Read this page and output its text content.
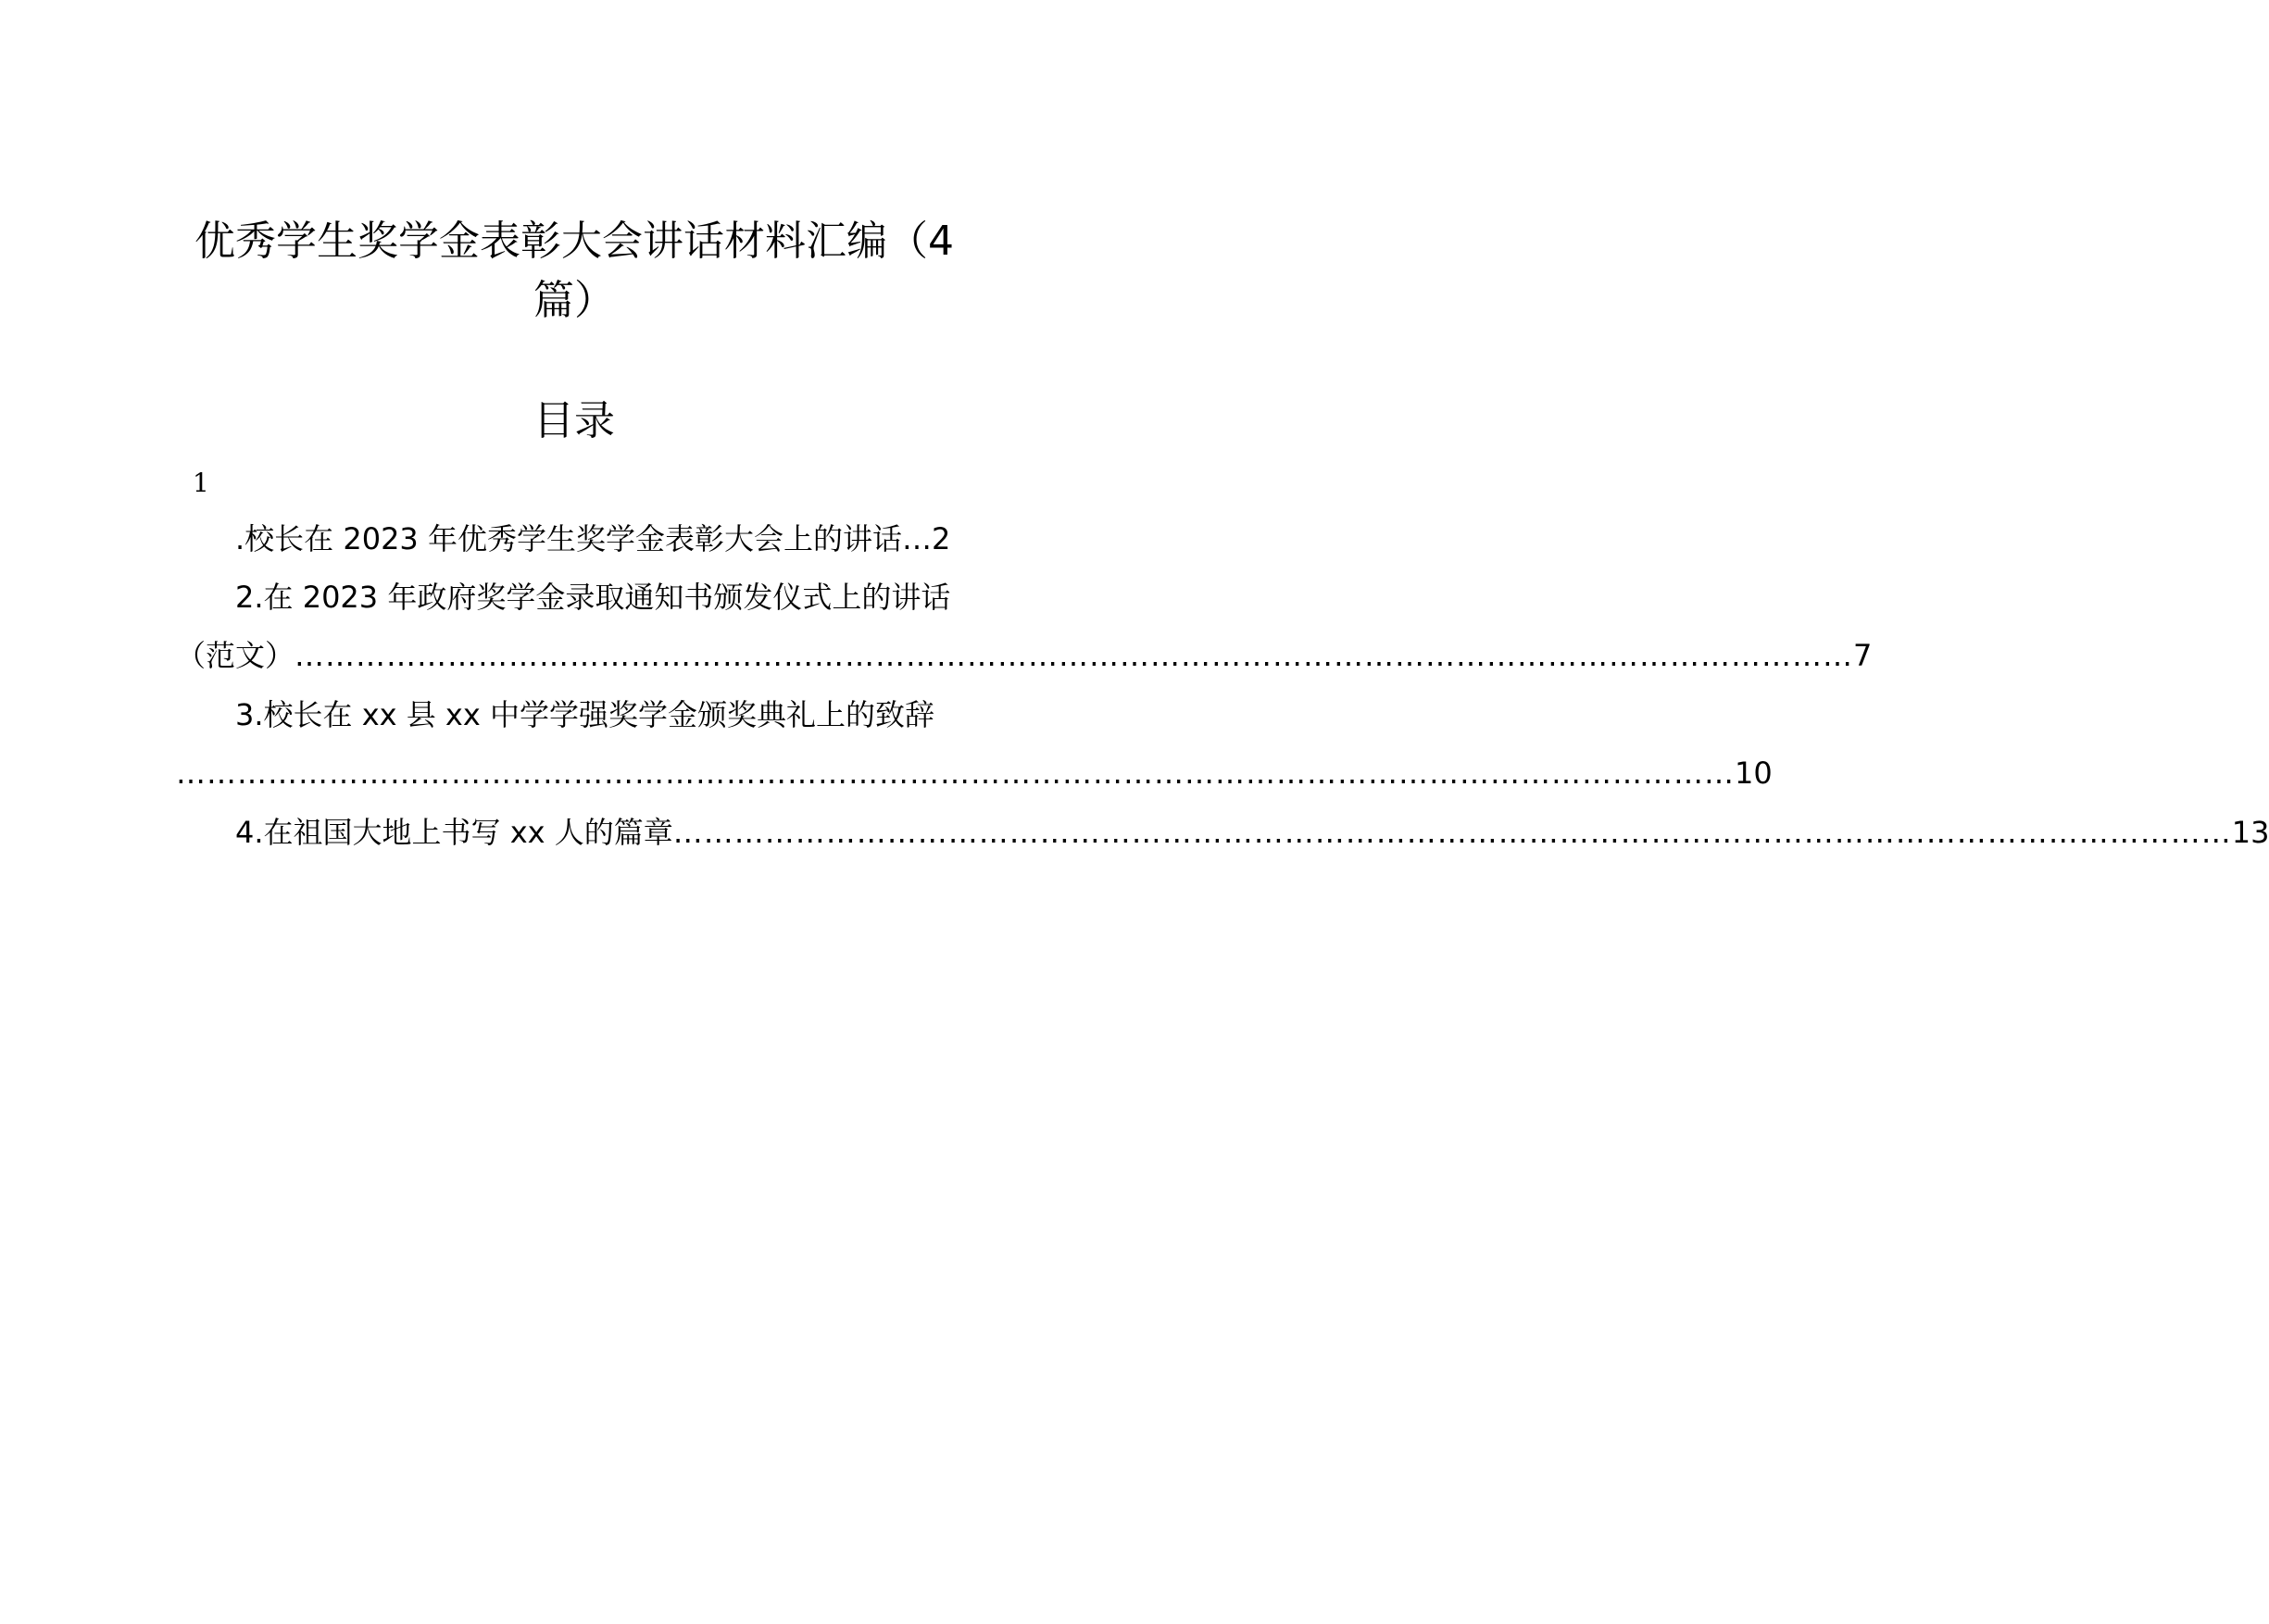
优秀学生奖学金表彰大会讲话材料汇编（4
篇）
目录
1
.校长在 2023 年优秀学生奖学金表彰大会上的讲话… 2
2.在 2023 年政府奖学金录取通知书颁发仪式上的讲话
（范文） ……………………………………………………………………………………………………………………………………… 7
3.校长在 xx 县 xx 中学学强奖学金颁奖典礼上的致辞
……………………………………………………………………………………………………………………………………… 10
4.在祖国大地上书写 xx 人的篇章 ……………………………………………………………………………………………………………………………………… 13
